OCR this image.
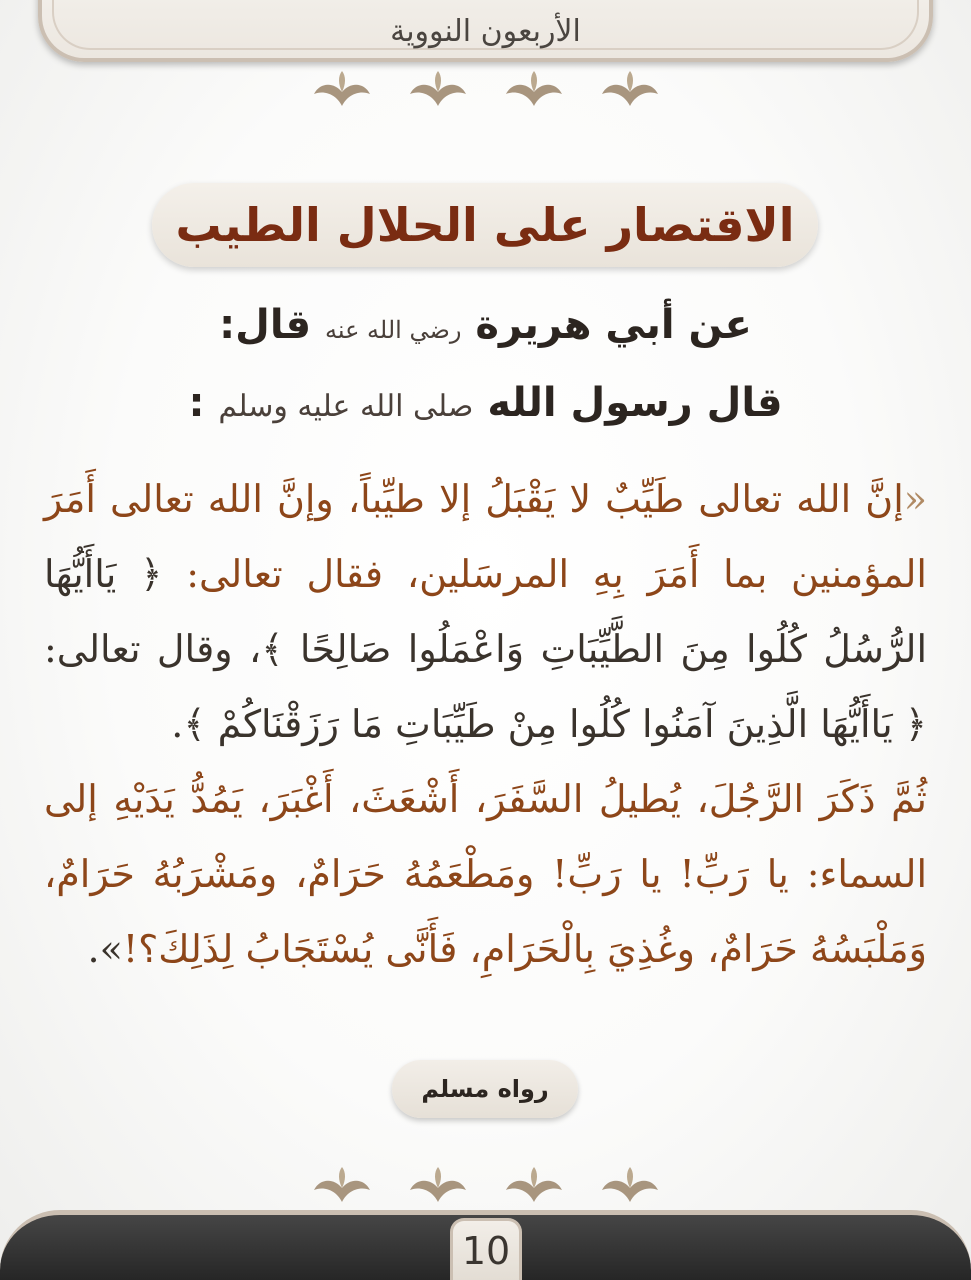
الأربعون النووية
الاقتصار على الحلال الطيب
عن أبي هريرة رضي الله عنه قال:
قال رسول الله صلى الله عليه وسلم :

«إنَّ الله تعالى طَيِّبٌ لا يَقْبَلُ إلا طيِّباً، وإنَّ الله تعالى أَمَرَ المؤمنين بما أَمَرَ بِهِ المرسَلين، فقال تعالى: ﴿ يَاأَيُّهَا الرُّسُلُ كُلُوا مِنَ الطَّيِّبَاتِ وَاعْمَلُوا صَالِحًا ﴾، وقال تعالى: ﴿ يَاأَيُّهَا الَّذِينَ آمَنُوا كُلُوا مِنْ طَيِّبَاتِ مَا رَزَقْنَاكُمْ ﴾.

ثُمَّ ذَكَرَ الرَّجُلَ، يُطيلُ السَّفَرَ، أَشْعَثَ، أَغْبَرَ، يَمُدُّ يَدَيْهِ إلى السماء: يا رَبِّ! يا رَبِّ! ومَطْعَمُهُ حَرَامٌ، ومَشْرَبُهُ حَرَامٌ، وَمَلْبَسُهُ حَرَامٌ، وغُذِيَ بِالْحَرَامِ، فَأَنَّى يُسْتَجَابُ لِذَلِكَ؟!».

رواه مسلم
10
